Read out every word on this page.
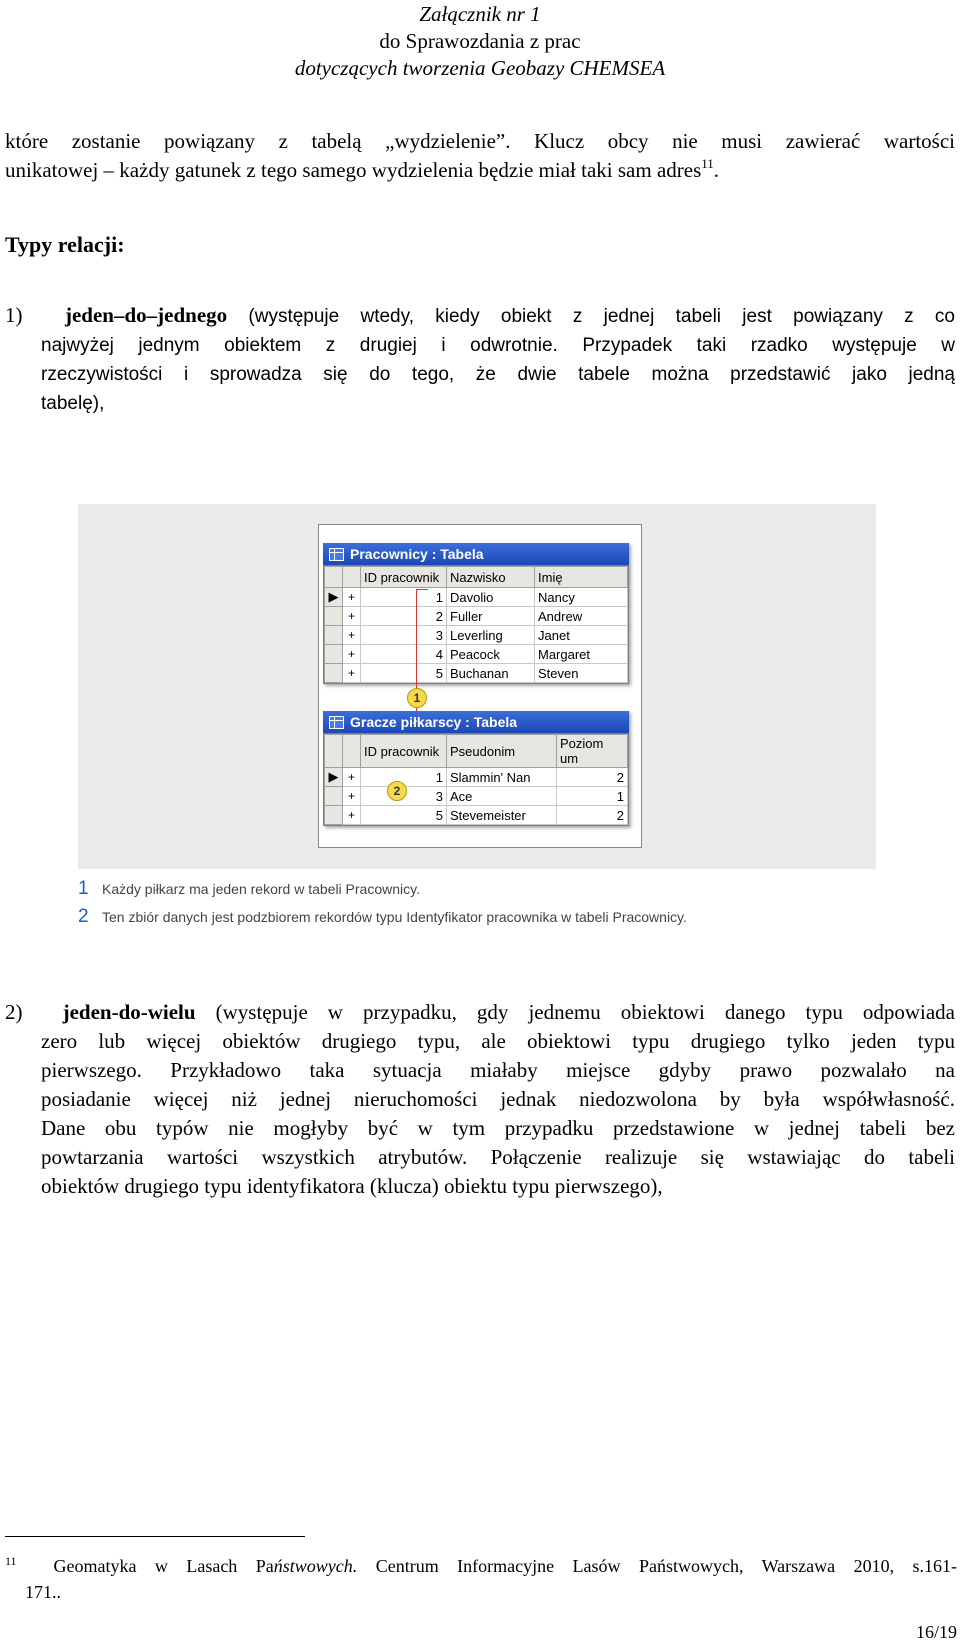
Załącznik nr 1
do Sprawozdania z prac
dotyczących tworzenia Geobazy CHEMSEA
które zostanie powiązany z tabelą „wydzielenie”. Klucz obcy nie musi zawierać wartości
unikatowej – każdy gatunek z tego samego wydzielenia będzie miał taki sam adres$^{11}$.
Typy relacji:
1) jeden–do–jednego (występuje wtedy, kiedy obiekt z jednej tabeli jest powiązany z co
najwyżej jednym obiektem z drugiej i odwrotnie. Przypadek taki rzadko występuje w
rzeczywistości i sprowadza się do tego, że dwie tabele można przedstawić jako jedną
tabelę),
Pracownicy : Tabela
		ID pracownik	Nazwisko	Imię
▶	+	1	Davolio	Nancy
	+	2	Fuller	Andrew
	+	3	Leverling	Janet
	+	4	Peacock	Margaret
	+	5	Buchanan	Steven
1
Gracze piłkarscy : Tabela
		ID pracownik	Pseudonim	Poziom um
▶	+	1	Slammin' Nan	2
	+	3	Ace	1
	+	5	Stevemeister	2
2
1 Każdy piłkarz ma jeden rekord w tabeli Pracownicy.
2 Ten zbiór danych jest podzbiorem rekordów typu Identyfikator pracownika w tabeli Pracownicy.
2) jeden-do-wielu (występuje w przypadku, gdy jednemu obiektowi danego typu odpowiada
zero lub więcej obiektów drugiego typu, ale obiektowi typu drugiego tylko jeden typu
pierwszego. Przykładowo taka sytuacja miałaby miejsce gdyby prawo pozwalało na
posiadanie więcej niż jednej nieruchomości jednak niedozwolona by była współwłasność.
Dane obu typów nie mogłyby być w tym przypadku przedstawione w jednej tabeli bez
powtarzania wartości wszystkich atrybutów. Połączenie realizuje się wstawiając do tabeli
obiektów drugiego typu identyfikatora (klucza) obiektu typu pierwszego),
$^{11}$ Geomatyka w Lasach Państwowych. Centrum Informacyjne Lasów Państwowych, Warszawa 2010, s.161-
171..
16/19
